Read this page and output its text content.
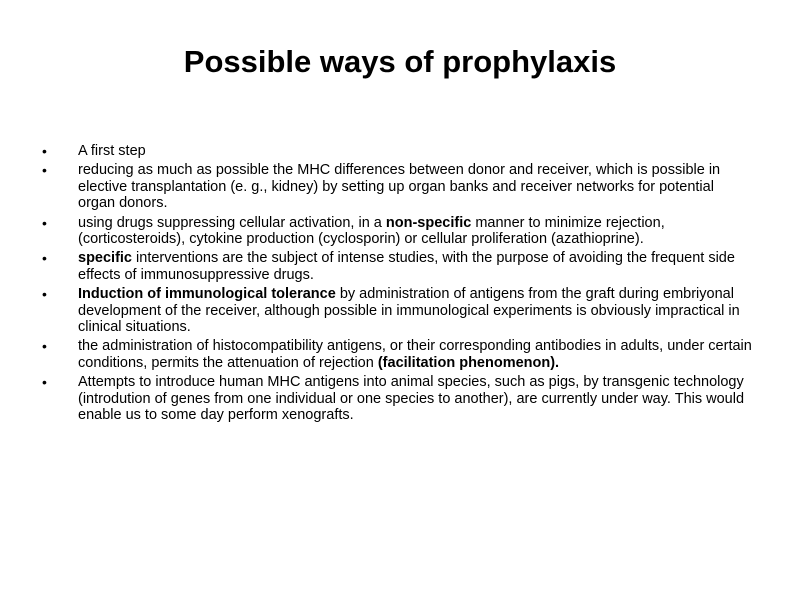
Possible ways of prophylaxis
• A first step
• reducing as much as possible the MHC differences between donor and receiver, which is possible in elective transplantation (e. g., kidney) by setting up organ banks and receiver networks for potential organ donors.
• using drugs suppressing cellular activation, in a non-specific manner to minimize rejection, (corticosteroids), cytokine production (cyclosporin) or cellular proliferation (azathioprine).
• specific interventions are the subject of intense studies, with the purpose of avoiding the frequent side effects of immunosuppressive drugs.
• Induction of immunological tolerance by administration of antigens from the graft during embriyonal development of the receiver, although possible in immunological experiments is obviously impractical in clinical situations.
• the administration of histocompatibility antigens, or their corresponding antibodies in adults, under certain conditions, permits the attenuation of rejection (facilitation phenomenon).
• Attempts to introduce human MHC antigens into animal species, such as pigs, by transgenic technology (introdution of genes from one individual or one species to another), are currently under way. This would enable us to some day perform xenografts.
